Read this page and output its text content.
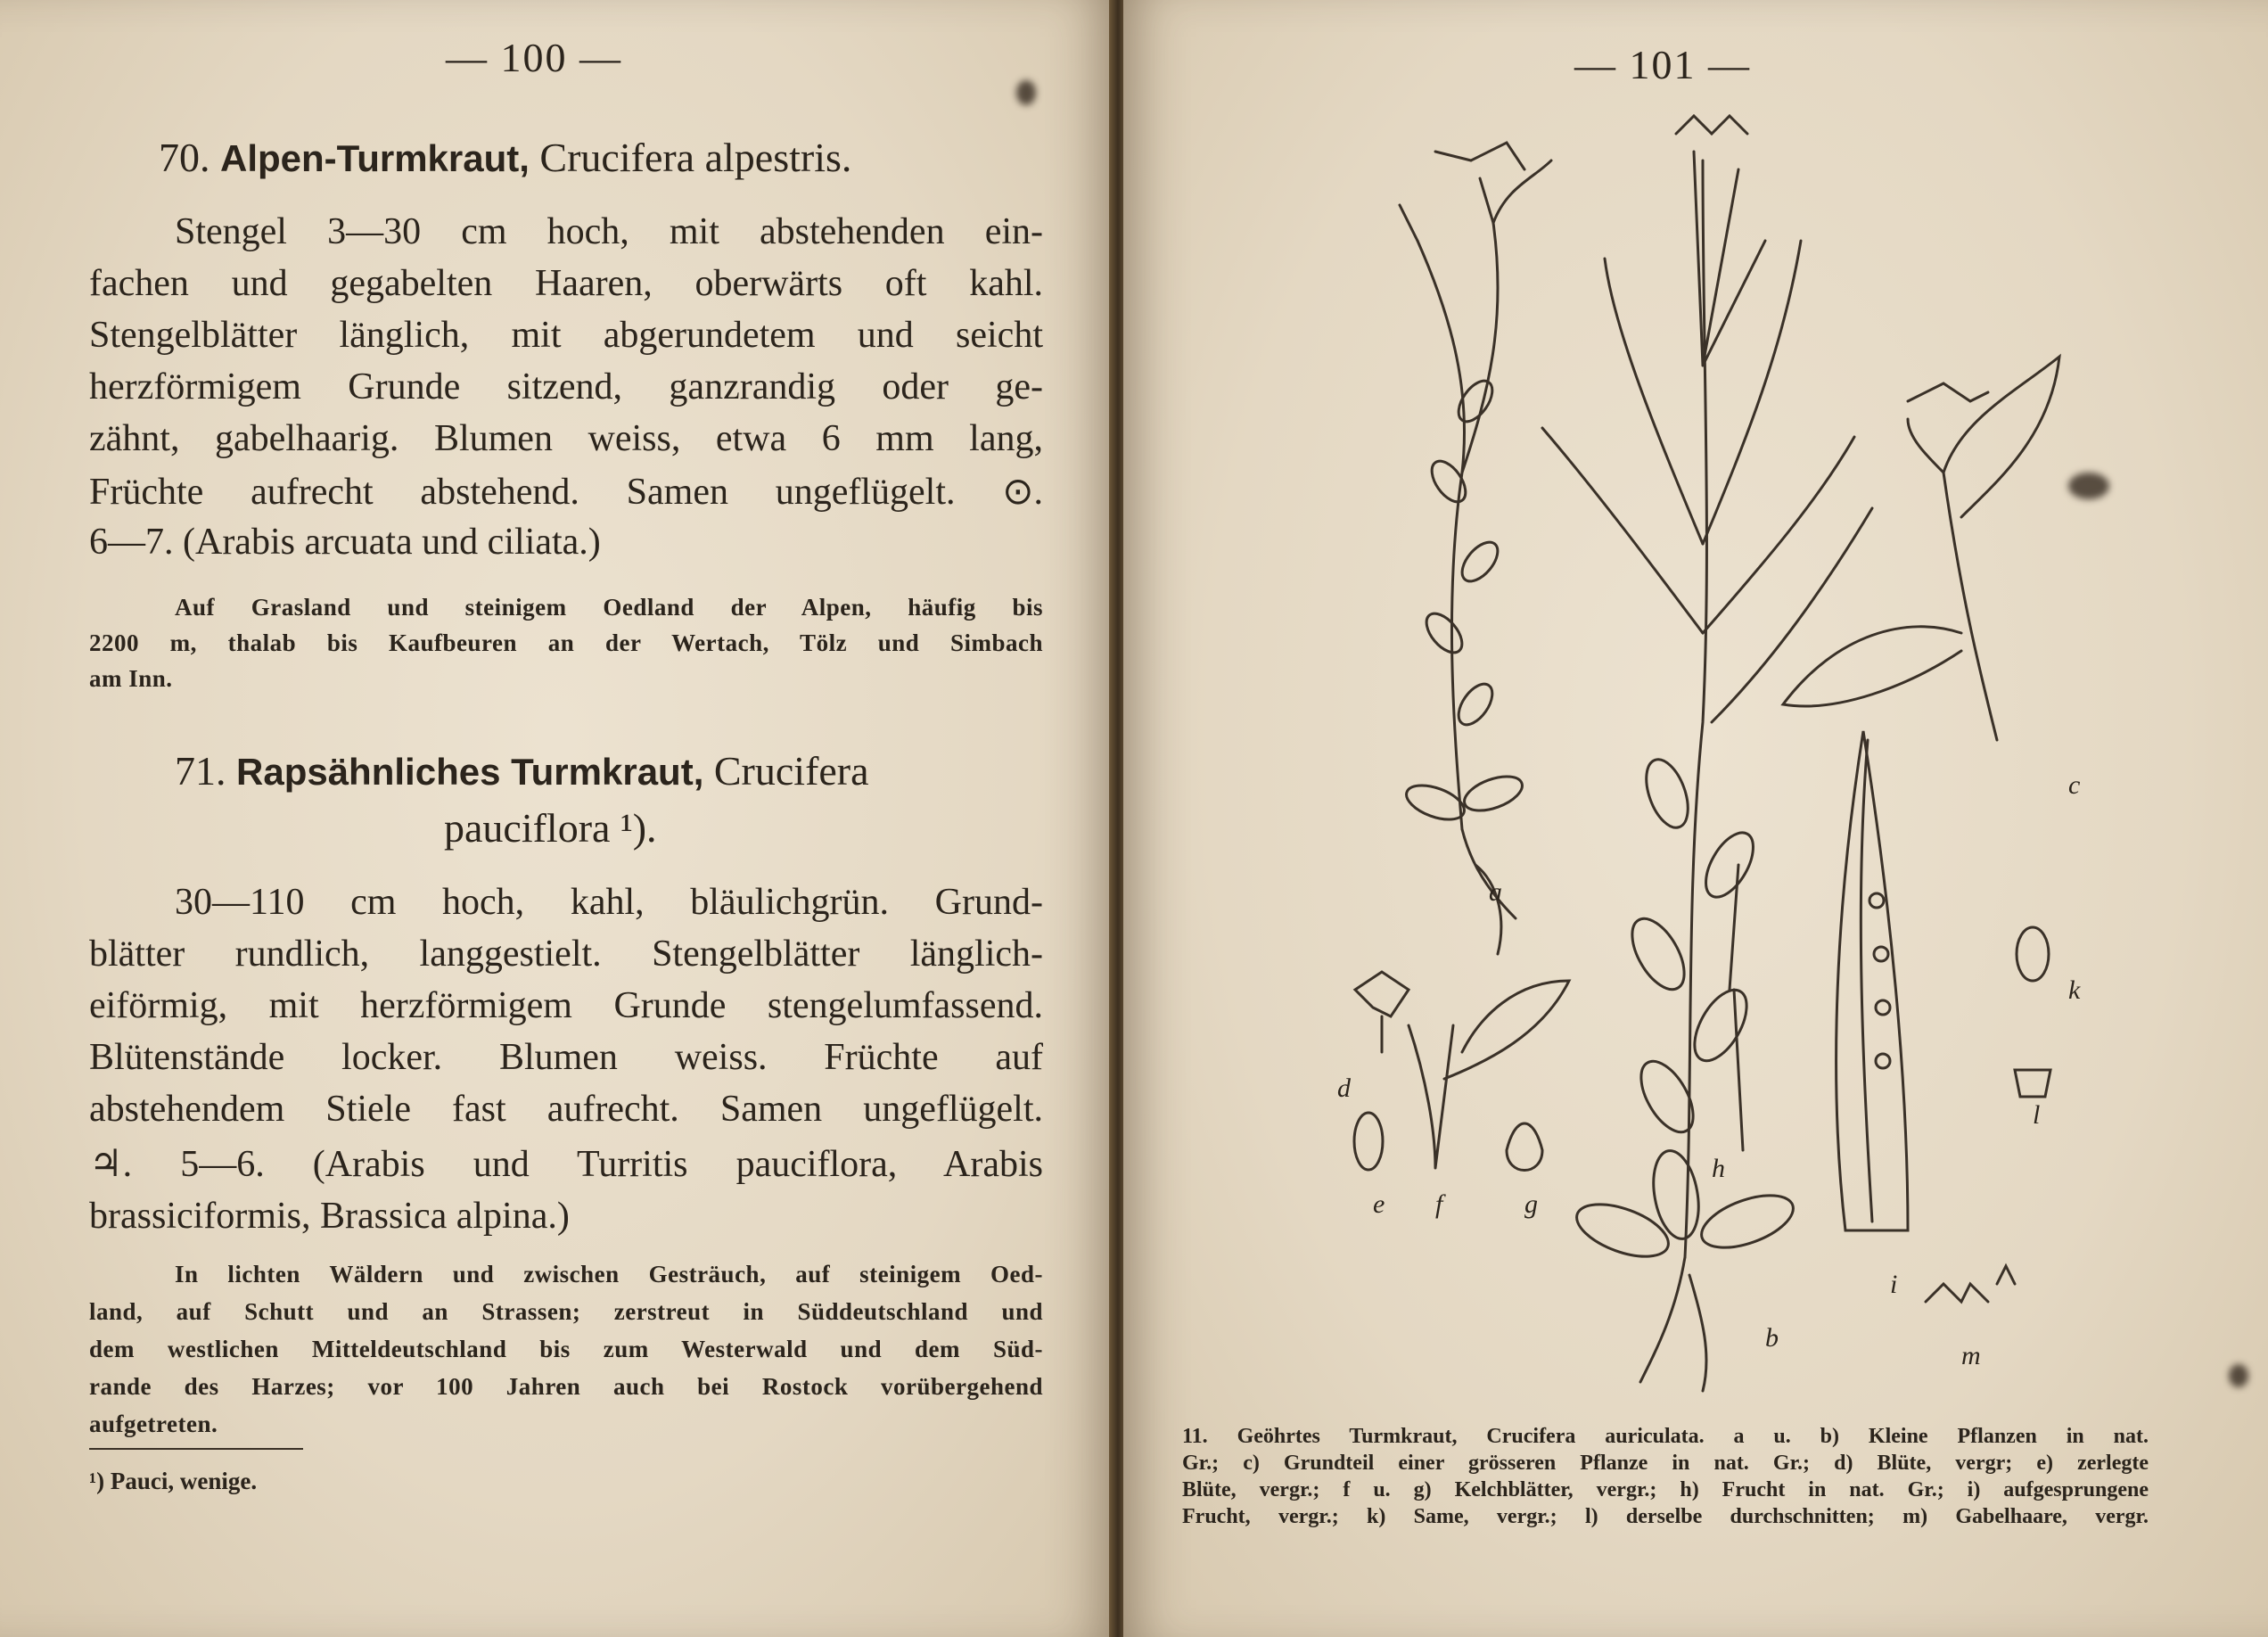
— 100 —
70. Alpen-Turmkraut, Crucifera alpestris.
Stengel 3—30 cm hoch, mit abstehenden ein-
fachen und gegabelten Haaren, oberwärts oft kahl.
Stengelblätter länglich, mit abgerundetem und seicht
herzförmigem Grunde sitzend, ganzrandig oder ge-
zähnt, gabelhaarig. Blumen weiss, etwa 6 mm lang,
Früchte aufrecht abstehend. Samen ungeflügelt. ⊙.
6—7. (Arabis arcuata und ciliata.)
Auf Grasland und steinigem Oedland der Alpen, häufig bis
2200 m, thalab bis Kaufbeuren an der Wertach, Tölz und Simbach
am Inn.
71. Rapsähnliches Turmkraut, Crucifera
pauciflora ¹).
30—110 cm hoch, kahl, bläulichgrün. Grund-
blätter rundlich, langgestielt. Stengelblätter länglich-
eiförmig, mit herzförmigem Grunde stengelumfassend.
Blütenstände locker. Blumen weiss. Früchte auf
abstehendem Stiele fast aufrecht. Samen ungeflügelt.
♃. 5—6. (Arabis und Turritis pauciflora, Arabis
brassiciformis, Brassica alpina.)
In lichten Wäldern und zwischen Gesträuch, auf steinigem Oed-
land, auf Schutt und an Strassen; zerstreut in Süddeutschland und
dem westlichen Mitteldeutschland bis zum Westerwald und dem Süd-
rande des Harzes; vor 100 Jahren auch bei Rostock vorübergehend
aufgetreten.
¹) Pauci, wenige.
— 101 —
a
b
c
d
e f	g
h
i
k
l
m
11. Geöhrtes Turmkraut, Crucifera auriculata. a u. b) Kleine Pflanzen in nat.
Gr.; c) Grundteil einer grösseren Pflanze in nat. Gr.; d) Blüte, vergr; e) zerlegte
Blüte, vergr.; f u. g) Kelchblätter, vergr.; h) Frucht in nat. Gr.; i) aufgesprungene
Frucht, vergr.; k) Same, vergr.; l) derselbe durchschnitten; m) Gabelhaare, vergr.
